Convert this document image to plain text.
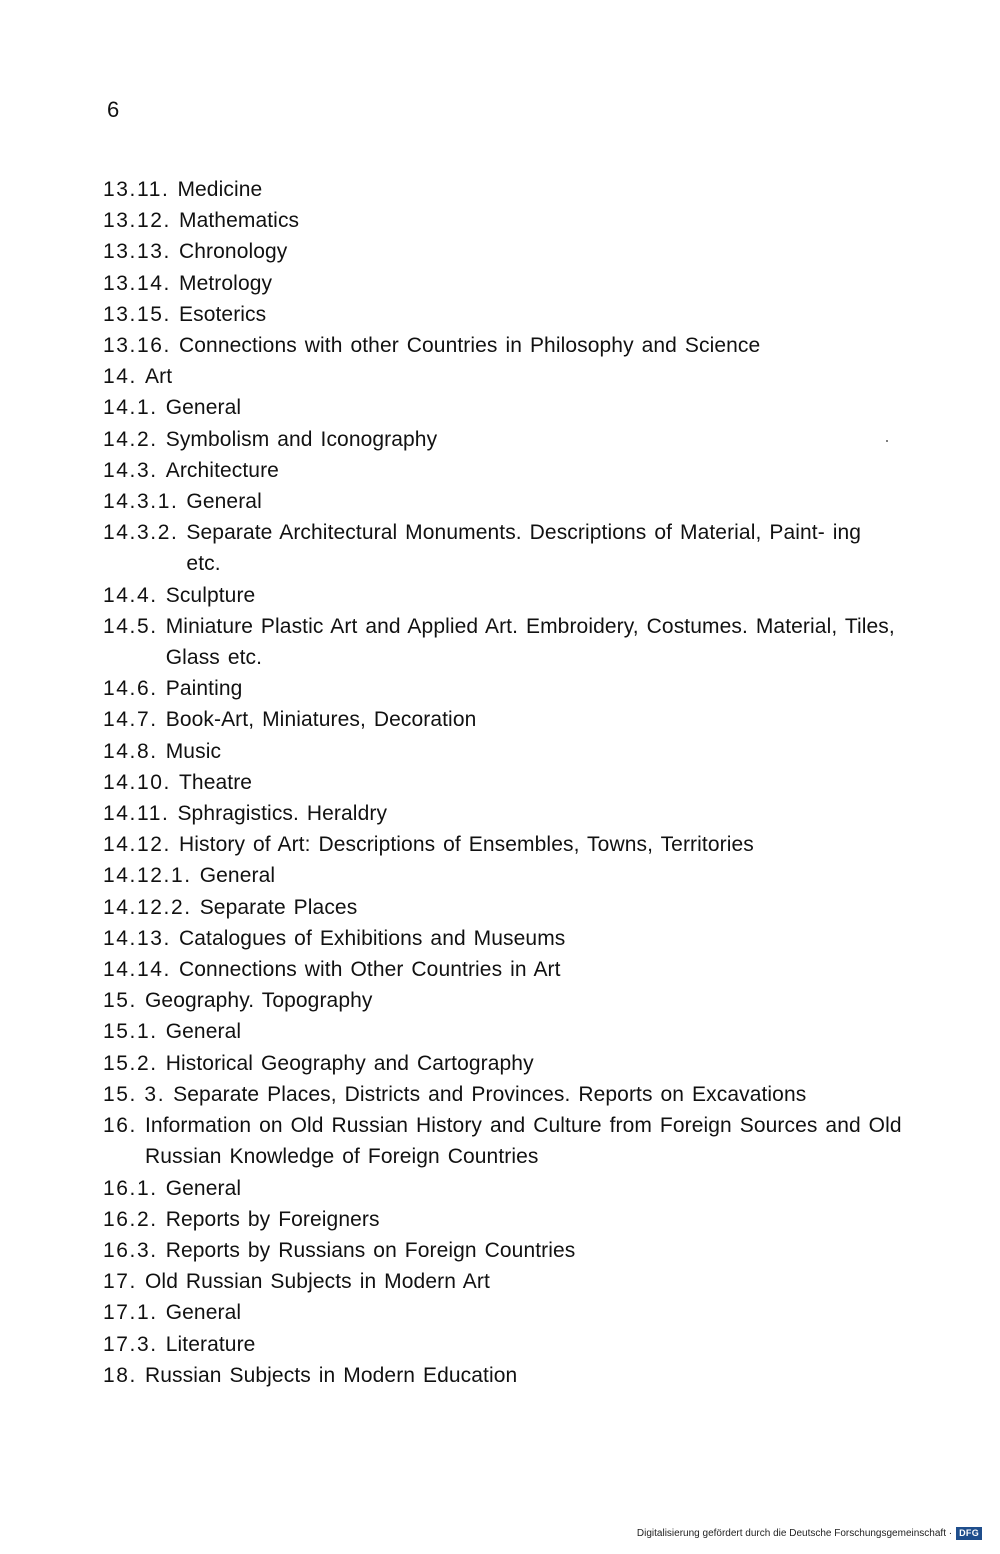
6
13.11. Medicine
13.12. Mathematics
13.13. Chronology
13.14. Metrology
13.15. Esoterics
13.16. Connections with other Countries in Philosophy and Science
14. Art
14.1. General
14.2. Symbolism and Iconography
14.3. Architecture
14.3.1. General
14.3.2. Separate Architectural Monuments. Descriptions of Material, Paint- ing etc.
14.4. Sculpture
14.5. Miniature Plastic Art and Applied Art. Embroidery, Costumes. Material, Tiles, Glass etc.
14.6. Painting
14.7. Book-Art, Miniatures, Decoration
14.8. Music
14.10. Theatre
14.11. Sphragistics. Heraldry
14.12. History of Art: Descriptions of Ensembles, Towns, Territories
14.12.1. General
14.12.2. Separate Places
14.13. Catalogues of Exhibitions and Museums
14.14. Connections with Other Countries in Art
15. Geography. Topography
15.1. General
15.2. Historical Geography and Cartography
15. 3. Separate Places, Districts and Provinces. Reports on Excavations
16. Information on Old Russian History and Culture from Foreign Sources and Old Russian Knowledge of Foreign Countries
16.1. General
16.2. Reports by Foreigners
16.3. Reports by Russians on Foreign Countries
17. Old Russian Subjects in Modern Art
17.1. General
17.3. Literature
18. Russian Subjects in Modern Education
Digitalisierung gefördert durch die Deutsche Forschungsgemeinschaft · DFG
